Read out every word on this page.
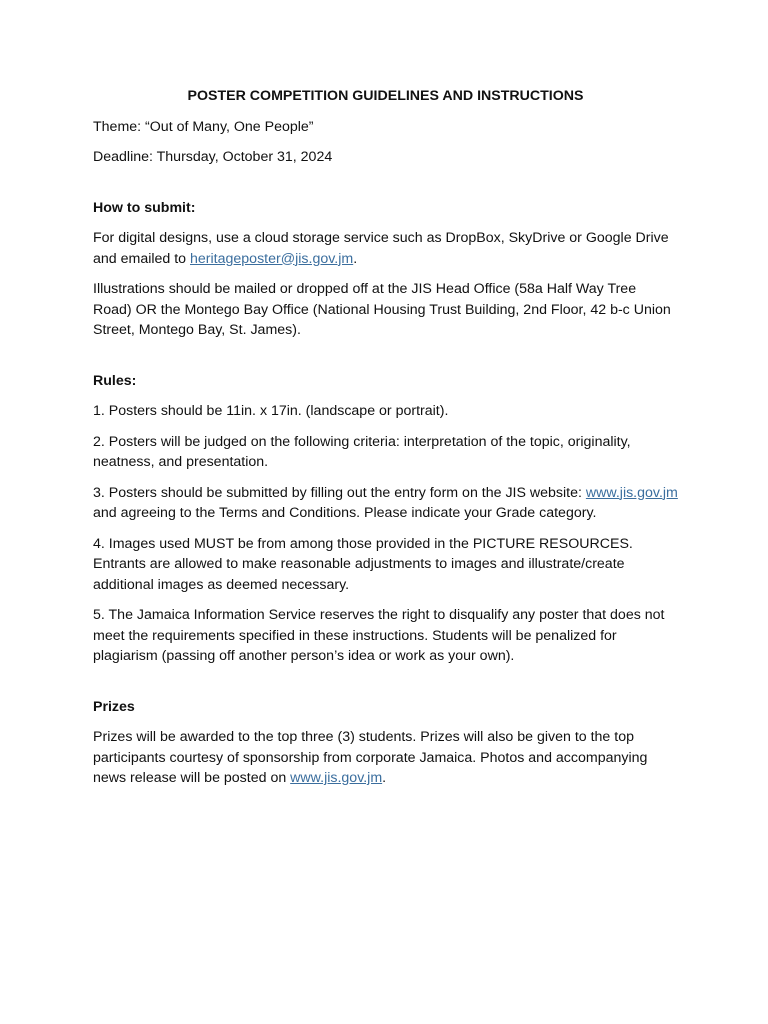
POSTER COMPETITION GUIDELINES AND INSTRUCTIONS

Theme: “Out of Many, One People”

Deadline: Thursday, October 31, 2024

How to submit:

For digital designs, use a cloud storage service such as DropBox, SkyDrive or Google Drive and emailed to heritageposter@jis.gov.jm.

Illustrations should be mailed or dropped off at the JIS Head Office (58a Half Way Tree Road) OR the Montego Bay Office (National Housing Trust Building, 2nd Floor, 42 b-c Union Street, Montego Bay, St. James).

Rules:

1. Posters should be 11in. x 17in. (landscape or portrait).

2. Posters will be judged on the following criteria: interpretation of the topic, originality, neatness, and presentation.

3. Posters should be submitted by filling out the entry form on the JIS website: www.jis.gov.jm  and agreeing to the Terms and Conditions. Please indicate your Grade category.

4. Images used MUST be from among those provided in the PICTURE RESOURCES. Entrants are allowed to make reasonable adjustments to images and illustrate/create additional images as deemed necessary.

5. The Jamaica Information Service reserves the right to disqualify any poster that does not meet the requirements specified in these instructions. Students will be penalized for plagiarism (passing off another person’s idea or work as your own).

Prizes

Prizes will be awarded to the top three (3) students. Prizes will also be given to the top participants courtesy of sponsorship from corporate Jamaica. Photos and accompanying news release will be posted on www.jis.gov.jm.
